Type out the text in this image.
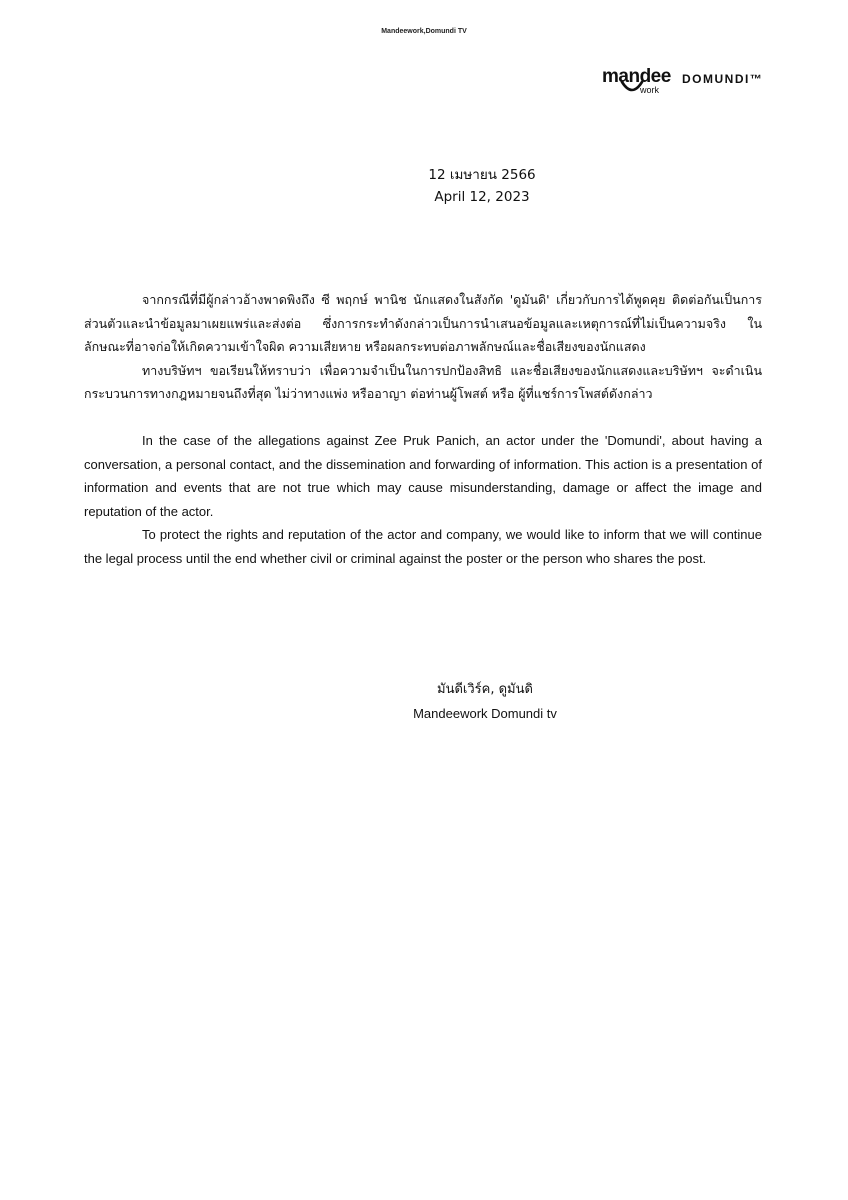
Mandeework,Domundi TV
mandee
work
DOMUNDI™
12 เมษายน 2566
April 12, 2023

จากกรณีที่มีผู้กล่าวอ้างพาดพิงถึง ซี พฤกษ์ พานิช นักแสดงในสังกัด 'ดูมันดิ' เกี่ยวกับการได้พูดคุย ติดต่อกันเป็นการส่วนตัวและนำข้อมูลมาเผยแพร่และส่งต่อ ซึ่งการกระทำดังกล่าวเป็นการนำเสนอข้อมูลและเหตุการณ์ที่ไม่เป็นความจริง ในลักษณะที่อาจก่อให้เกิดความเข้าใจผิด ความเสียหาย หรือผลกระทบต่อภาพลักษณ์และชื่อเสียงของนักแสดง

ทางบริษัทฯ ขอเรียนให้ทราบว่า เพื่อความจำเป็นในการปกป้องสิทธิ และชื่อเสียงของนักแสดงและบริษัทฯ จะดำเนินกระบวนการทางกฎหมายจนถึงที่สุด ไม่ว่าทางแพ่ง หรืออาญา ต่อท่านผู้โพสต์ หรือ ผู้ที่แชร์การโพสต์ดังกล่าว

In the case of the allegations against Zee Pruk Panich, an actor under the 'Domundi', about having a conversation, a personal contact, and the dissemination and forwarding of information. This action is a presentation of information and events that are not true which may cause misunderstanding, damage or affect the image and reputation of the actor.

To protect the rights and reputation of the actor and company, we would like to inform that we will continue the legal process until the end whether civil or criminal against the poster or the person who shares the post.

มันดีเวิร์ค, ดูมันดิ
Mandeework Domundi tv
